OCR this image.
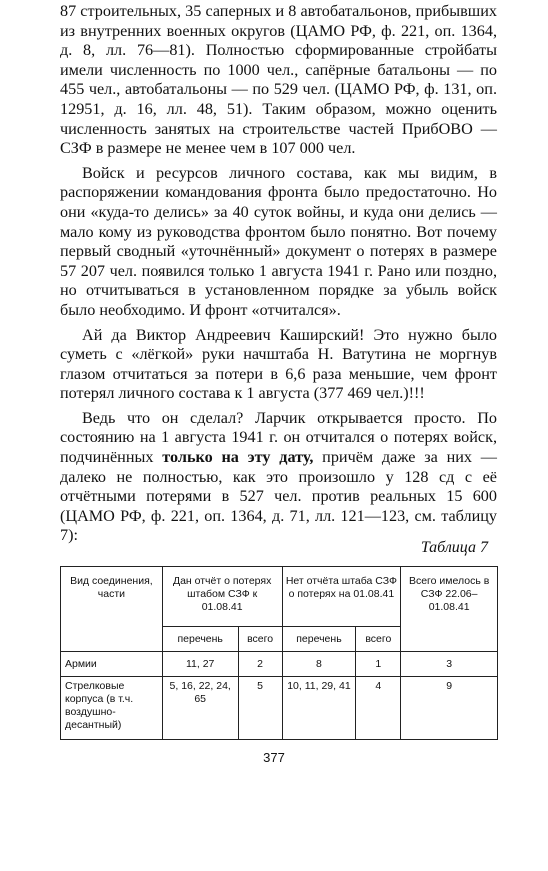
87 строительных, 35 саперных и 8 автобатальонов, прибывших из внутренних военных округов (ЦАМО РФ, ф. 221, оп. 1364, д. 8, лл. 76—81). Полностью сформированные стройбаты имели численность по 1000 чел., сапёрные батальоны — по 455 чел., автобатальоны — по 529 чел. (ЦАМО РФ, ф. 131, оп. 12951, д. 16, лл. 48, 51). Таким образом, можно оценить численность занятых на строительстве частей ПрибОВО — СЗФ в размере не менее чем в 107 000 чел.

Войск и ресурсов личного состава, как мы видим, в распоряжении командования фронта было предостаточно. Но они «куда-то делись» за 40 суток войны, и куда они делись — мало кому из руководства фронтом было понятно. Вот почему первый сводный «уточнённый» документ о потерях в размере 57 207 чел. появился только 1 августа 1941 г. Рано или поздно, но отчитываться в установленном порядке за убыль войск было необходимо. И фронт «отчитался».

Ай да Виктор Андреевич Каширский! Это нужно было суметь с «лёгкой» руки начштаба Н. Ватутина не моргнув глазом отчитаться за потери в 6,6 раза меньшие, чем фронт потерял личного состава к 1 августа (377 469 чел.)!!!

Ведь что он сделал? Ларчик открывается просто. По состоянию на 1 августа 1941 г. он отчитался о потерях войск, подчинённых только на эту дату, причём даже за них — далеко не полностью, как это произошло у 128 сд с её отчётными потерями в 527 чел. против реальных 15 600 (ЦАМО РФ, ф. 221, оп. 1364, д. 71, лл. 121—123, см. таблицу 7):

Таблица 7
Вид соединения, части	Дан отчёт о потерях штабом СЗФ к 01.08.41		Нет отчёта штаба СЗФ о потерях на 01.08.41		Всего имелось в СЗФ 22.06–01.08.41
	перечень	всего	перечень	всего	
Армии	11, 27	2	8	1	3
Стрелковые корпуса (в т.ч. воздушно-десантный)	5, 16, 22, 24, 65	5	10, 11, 29, 41	4	9
377
